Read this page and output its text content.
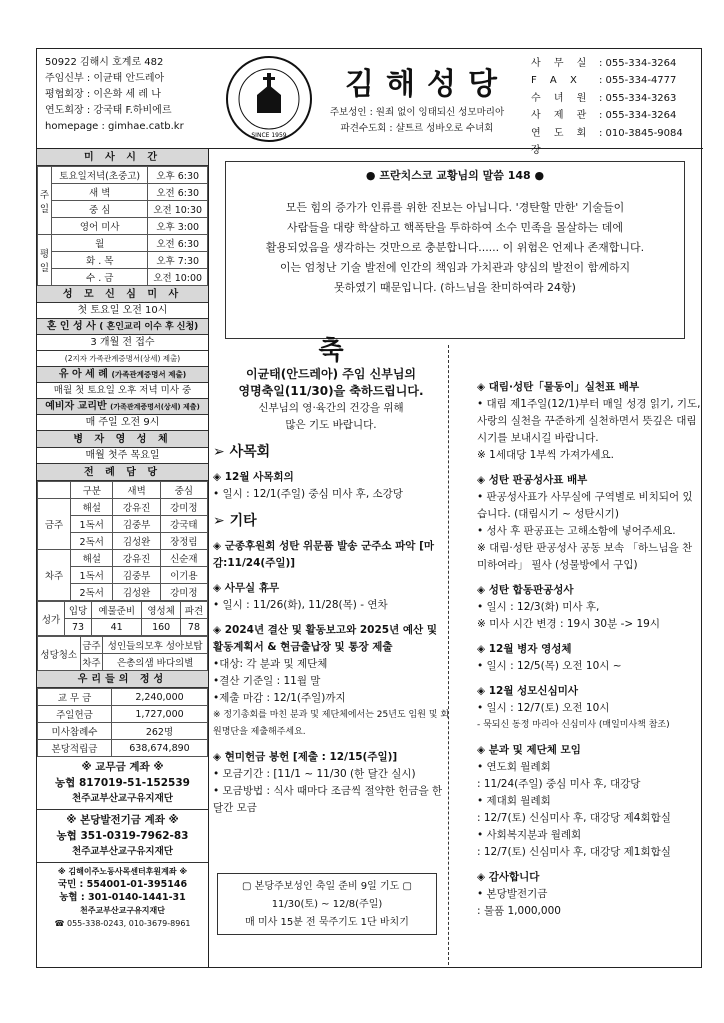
50922 김해시 호계로 482
주임신부 : 이균태 안드레아
평협회장 : 이은화 세 레 나
연도회장 : 강국태 F.하비에르
homepage : gimhae.catb.kr
SINCE 1959
김해성당
주보성인 : 원죄 없이 잉태되신 성모마리아
파견수도회 : 샬트르 성바오로 수녀회
사 무 실 : 055-334-3264
F A X	: 055-334-4777
수 녀 원 : 055-334-3263
사 제 관 : 055-334-3264
연 도 회 장
: 010-3845-9084
미 사 시 간
주일	토요일저녁(초중고)	오후 6:30
	새 벽	오전 6:30
	중 심	오전 10:30
	영어 미사	오후 3:00
평일	월	오전 6:30
	화 . 목	오후 7:30
	수 . 금	오전 10:00
성 모 신 심 미 사
첫 토요일 오전 10시
혼 인 성 사 ( 혼인교리 이수 후 신청)
3 개월 전 접수
(2지자 가족관계증명서(상세) 제출)
유 아 세 례 (가족관계증명서 제출)
매월 첫 토요일 오후 저녁 미사 중
예비자 교리반 (가족관계증명서(상세) 제출)
매 주일 오전 9시
병 자 영 성 체
매월 첫주 목요일
전 례 담 당
	구분	새벽	중심
금주	해설	강유진	강미정
	1독서	김중부	강국태
	2독서	김성완	장정림
차주	해설	강유진	신순재
	1독서	김중부	이기용
	2독서	김성완	강미정
성가	입당	예물준비	영성체	파견
	73	41	160	78
성당청소	금주	성인들의모후 성아보탑
	차주	은총의샘 바다의별
우리들의 정성
교 무 금	2,240,000
주일헌금	1,727,000
미사참례수	262명
본당적립금	638,674,890
※ 교무금 계좌 ※
농협 817019-51-152539
천주교부산교구유지재단
※ 본당발전기금 계좌 ※
농협 351-0319-7962-83
천주교부산교구유지재단
※ 김해이주노동사목센터후원계좌 ※
국민 : 554001-01-395146
농협 : 301-0140-1441-31
천주교부산교구유지재단
☎ 055-338-0243, 010-3679-8961
● 프란치스코 교황님의 말씀 148 ●
모든 힘의 증가가 인류를 위한 진보는 아닙니다. '경탄할 만한' 기술들이
사람들을 대량 학살하고 핵폭탄을 투하하여 소수 민족을 몰살하는 데에
활용되었음을 생각하는 것만으로 충분합니다...... 이 위험은 언제나 존재합니다.
이는 엄청난 기술 발전에 인간의 책임과 가치관과 양심의 발전이 함께하지
못하였기 때문입니다. (하느님을 찬미하여라 24항)
축
이균태(안드레아) 주임 신부님의
영명축일(11/30)을 축하드립니다.
신부님의 영·육간의 건강을 위해
많은 기도 바랍니다.
➢ 사목회
◈ 12월 사목회의
• 일시 : 12/1(주일) 중심 미사 후, 소강당
➢ 기타
◈ 군종후원회 성탄 위문품 발송 군주소 파악 [마감:11/24(주일)]
◈ 사무실 휴무
• 일시 : 11/26(화), 11/28(목) - 연차
◈ 2024년 결산 및 활동보고와 2025년 예산 및 활동계획서 & 현금출납장 및 통장 제출
•대상: 각 분과 및 제단체
•결산 기준일 : 11월 말
•제출 마감 : 12/1(주일)까지
※ 정기총회를 마친 분과 및 제단체에서는 25년도 임원 및 회원명단을 제출해주세요.
◈ 현미헌금 봉헌 [제출 : 12/15(주일)]
• 모금기간 : [11/1 ~ 11/30 (한 달간 실시)
• 모금방법 : 식사 때마다 조금씩 절약한 헌금을 한 달간 모금
▢ 본당주보성인 축일 준비 9일 기도 ▢
11/30(토) ~ 12/8(주일)
매 미사 15분 전 묵주기도 1단 바치기
◈ 대림·성탄「물동이」실천표 배부
• 대림 제1주일(12/1)부터 매일 성경 읽기, 기도, 사랑의 실천을 꾸준하게 실천하면서 뜻깊은 대림 시기를 보내시길 바랍니다.
※ 1세대당 1부씩 가져가세요.
◈ 성탄 판공성사표 배부
• 판공성사표가 사무실에 구역별로 비치되어 있습니다. (대림시기 ~ 성탄시기)
• 성사 후 판공표는 고해소함에 넣어주세요.
※ 대림·성탄 판공성사 공동 보속 「하느님을 찬미하여라」 필사 (성물방에서 구입)
◈ 성탄 합동판공성사
• 일시 : 12/3(화) 미사 후,
※ 미사 시간 변경 : 19시 30분 -> 19시
◈ 12월 병자 영성체
• 일시 : 12/5(목) 오전 10시 ~
◈ 12월 성모신심미사
• 일시 : 12/7(토) 오전 10시
- 묵되신 동정 마리아 신심미사 (매일미사책 참조)
◈ 분과 및 제단체 모임
• 연도회 월례회
: 11/24(주일) 중심 미사 후, 대강당
• 제대회 월례회
: 12/7(토) 신심미사 후, 대강당 제4회합실
• 사회복지분과 월례회
: 12/7(토) 신심미사 후, 대강당 제1회합실
◈ 감사합니다
• 본당발전기금
: 물품 1,000,000
